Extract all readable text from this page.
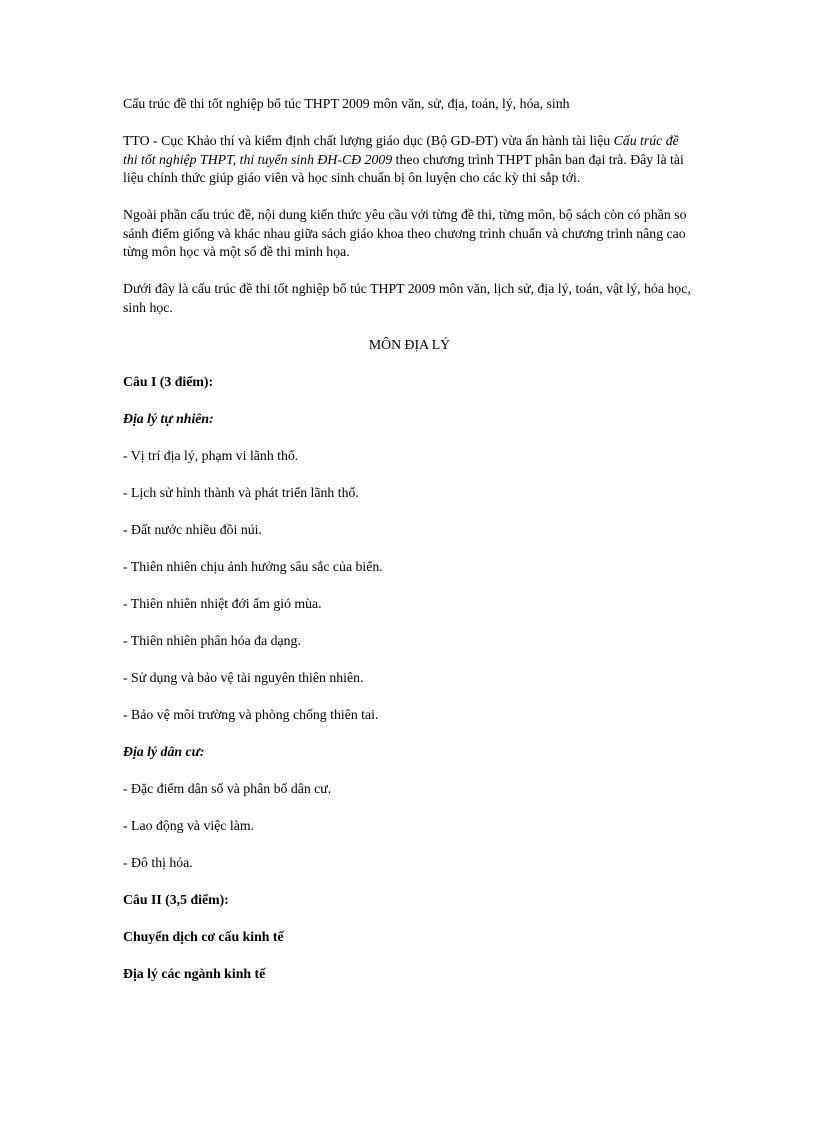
Cấu trúc đề thi tốt nghiệp bổ túc THPT 2009 môn văn, sử, địa, toán, lý, hóa, sinh

TTO - Cục Khảo thí và kiểm định chất lượng giáo dục (Bộ GD-ĐT) vừa ấn hành tài liệu Cấu trúc đề thi tốt nghiệp THPT, thi tuyển sinh ĐH-CĐ 2009 theo chương trình THPT phân ban đại trà. Đây là tài liệu chính thức giúp giáo viên và học sinh chuẩn bị ôn luyện cho các kỳ thi sắp tới.

Ngoài phần cấu trúc đề, nội dung kiến thức yêu cầu với từng đề thi, từng môn, bộ sách còn có phần so sánh điểm giống và khác nhau giữa sách giáo khoa theo chương trình chuẩn và chương trình nâng cao từng môn học và một số đề thi minh họa.

Dưới đây là cấu trúc đề thi tốt nghiệp bổ túc THPT 2009 môn văn, lịch sử, địa lý, toán, vật lý, hóa học, sinh học.

MÔN ĐỊA LÝ

Câu I (3 điểm):

Địa lý tự nhiên:

- Vị trí địa lý, phạm vi lãnh thổ.

- Lịch sử hình thành và phát triển lãnh thổ.

- Đất nước nhiều đồi núi.

- Thiên nhiên chịu ảnh hưởng sâu sắc của biển.

- Thiên nhiên nhiệt đới ẩm gió mùa.

- Thiên nhiên phân hóa đa dạng.

- Sử dụng và bảo vệ tài nguyên thiên nhiên.

- Bảo vệ môi trường và phòng chống thiên tai.

Địa lý dân cư:

- Đặc điểm dân số và phân bố dân cư.

- Lao động và việc làm.

- Đô thị hóa.

Câu II (3,5 điểm):

Chuyển dịch cơ cấu kinh tế

Địa lý các ngành kinh tế
